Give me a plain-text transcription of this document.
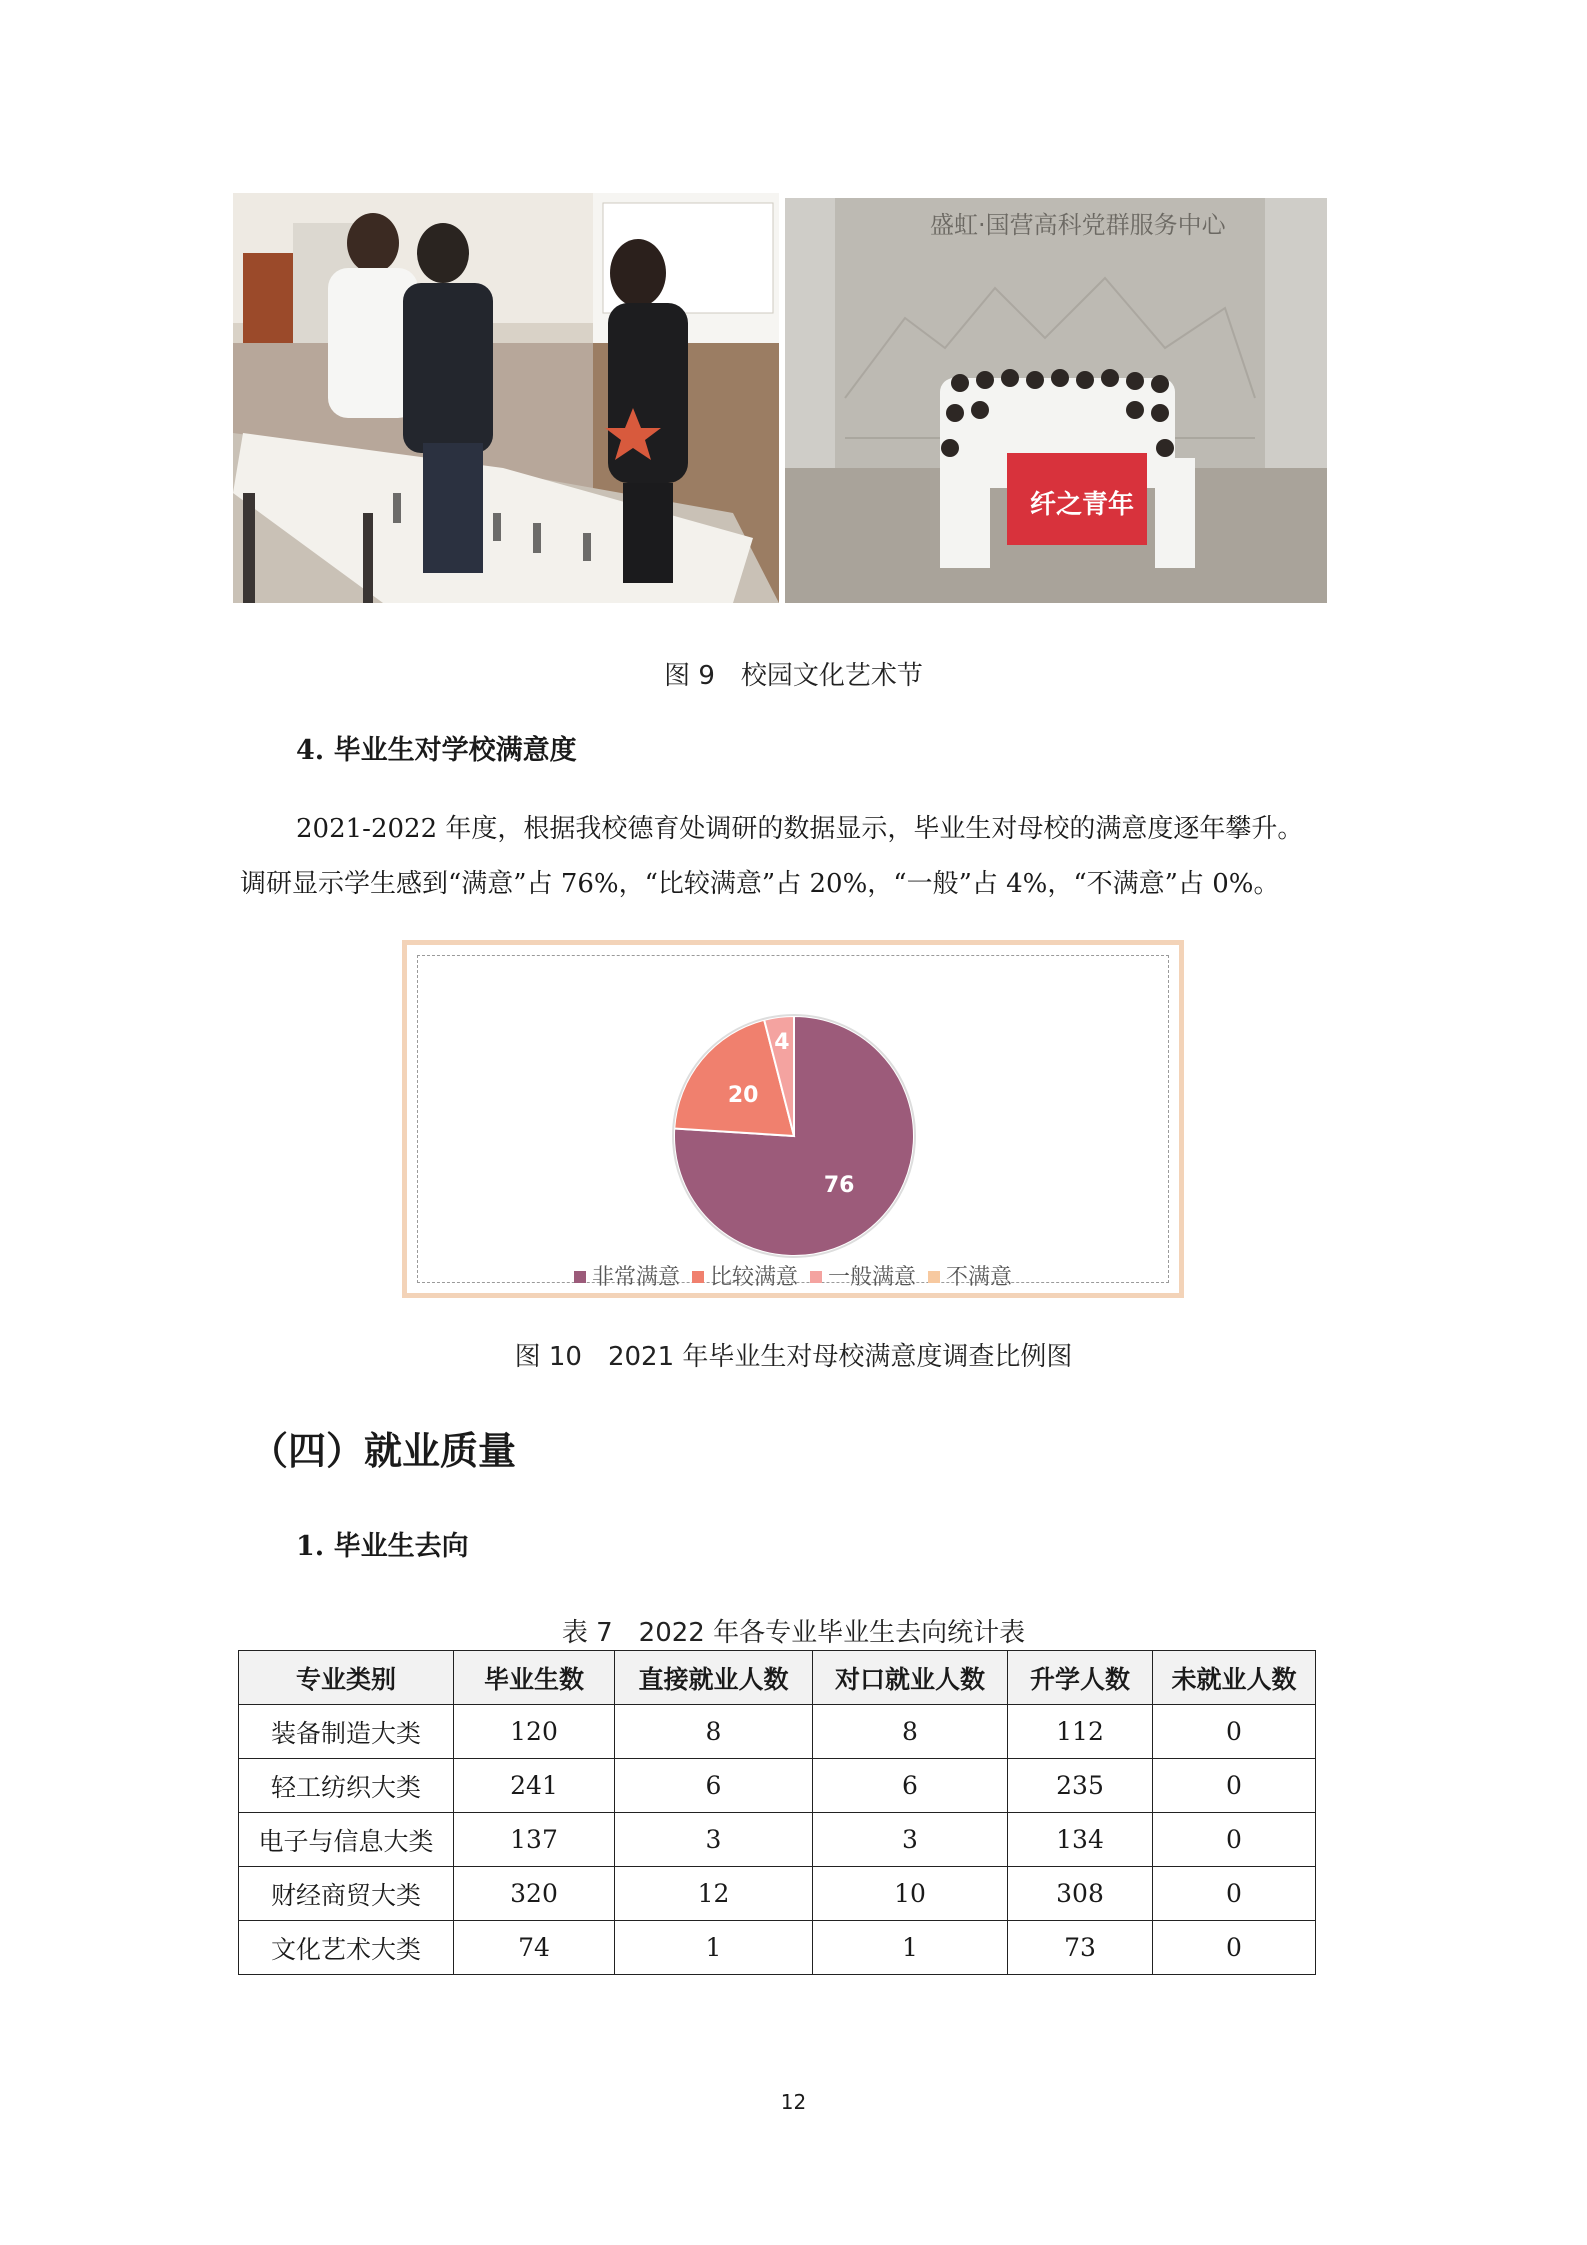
盛虹·国营高科党群服务中心
纤之青年
图 9　校园文化艺术节
4. 毕业生对学校满意度

2021-2022 年度，根据我校德育处调研的数据显示，毕业生对母校的满意度逐年攀升。

调研显示学生感到“满意”占 76%，“比较满意”占 20%，“一般”占 4%，“不满意”占 0%。

76
20
4
非常满意 比较满意 一般满意 不满意
图 10　2021 年毕业生对母校满意度调查比例图
（四）就业质量
1. 毕业生去向
表 7　2022 年各专业毕业生去向统计表
专业类别	毕业生数	直接就业人数	对口就业人数	升学人数	未就业人数
装备制造大类	120	8	8	112	0
轻工纺织大类	241	6	6	235	0
电子与信息大类	137	3	3	134	0
财经商贸大类	320	12	10	308	0
文化艺术大类	74	1	1	73	0
12
